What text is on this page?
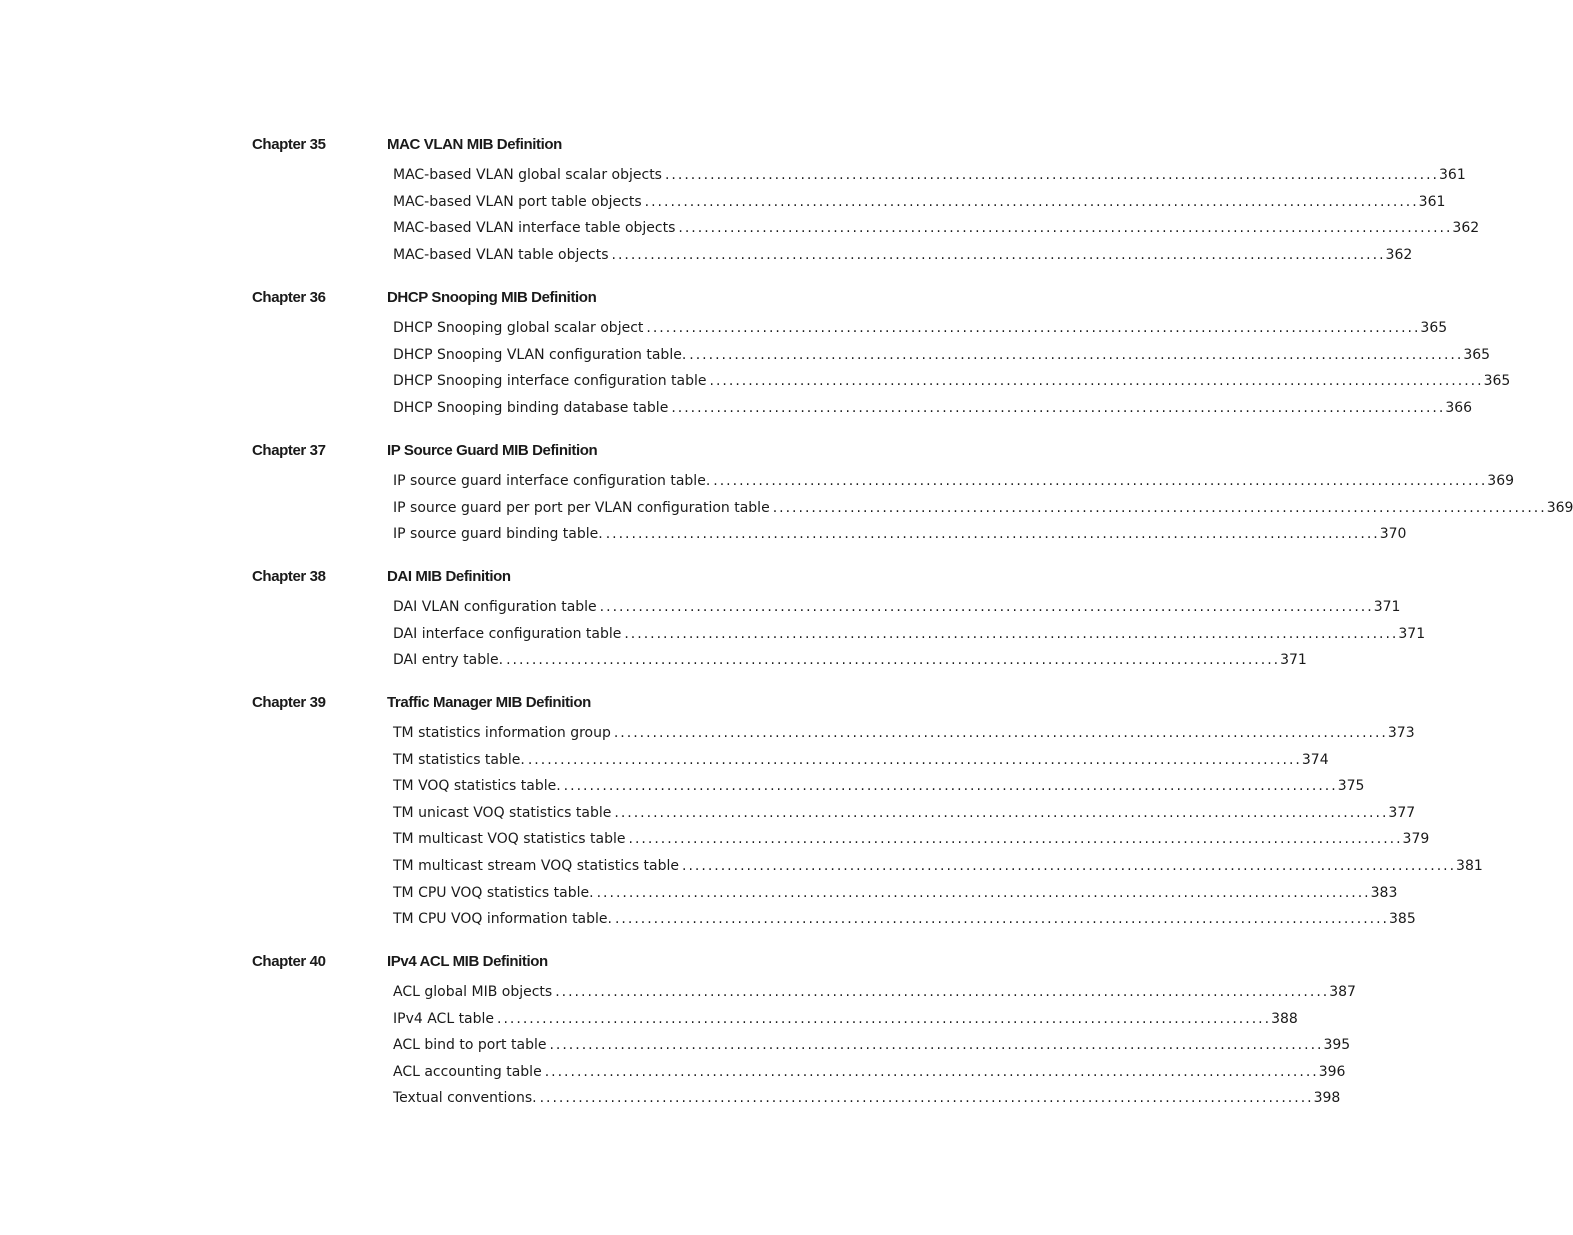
Chapter 35	MAC VLAN MIB Definition
MAC-based VLAN global scalar objects ........................................................................................................................ 361
MAC-based VLAN port table objects ........................................................................................................................ 361
MAC-based VLAN interface table objects ........................................................................................................................ 362
MAC-based VLAN table objects ........................................................................................................................ 362
Chapter 36	DHCP Snooping MIB Definition
DHCP Snooping global scalar object ........................................................................................................................ 365
DHCP Snooping VLAN configuration table. ........................................................................................................................ 365
DHCP Snooping interface configuration table ........................................................................................................................ 365
DHCP Snooping binding database table ........................................................................................................................ 366
Chapter 37	IP Source Guard MIB Definition
IP source guard interface configuration table. ........................................................................................................................ 369
IP source guard per port per VLAN configuration table ........................................................................................................................ 369
IP source guard binding table. ........................................................................................................................ 370
Chapter 38	DAI MIB Definition
DAI VLAN configuration table ........................................................................................................................ 371
DAI interface configuration table ........................................................................................................................ 371
DAI entry table. ........................................................................................................................ 371
Chapter 39	Traffic Manager MIB Definition
TM statistics information group ........................................................................................................................ 373
TM statistics table. ........................................................................................................................ 374
TM VOQ statistics table. ........................................................................................................................ 375
TM unicast VOQ statistics table ........................................................................................................................ 377
TM multicast VOQ statistics table ........................................................................................................................ 379
TM multicast stream VOQ statistics table ........................................................................................................................ 381
TM CPU VOQ statistics table. ........................................................................................................................ 383
TM CPU VOQ information table. ........................................................................................................................ 385
Chapter 40	IPv4 ACL MIB Definition
ACL global MIB objects ........................................................................................................................ 387
IPv4 ACL table ........................................................................................................................ 388
ACL bind to port table ........................................................................................................................ 395
ACL accounting table ........................................................................................................................ 396
Textual conventions. ........................................................................................................................ 398
